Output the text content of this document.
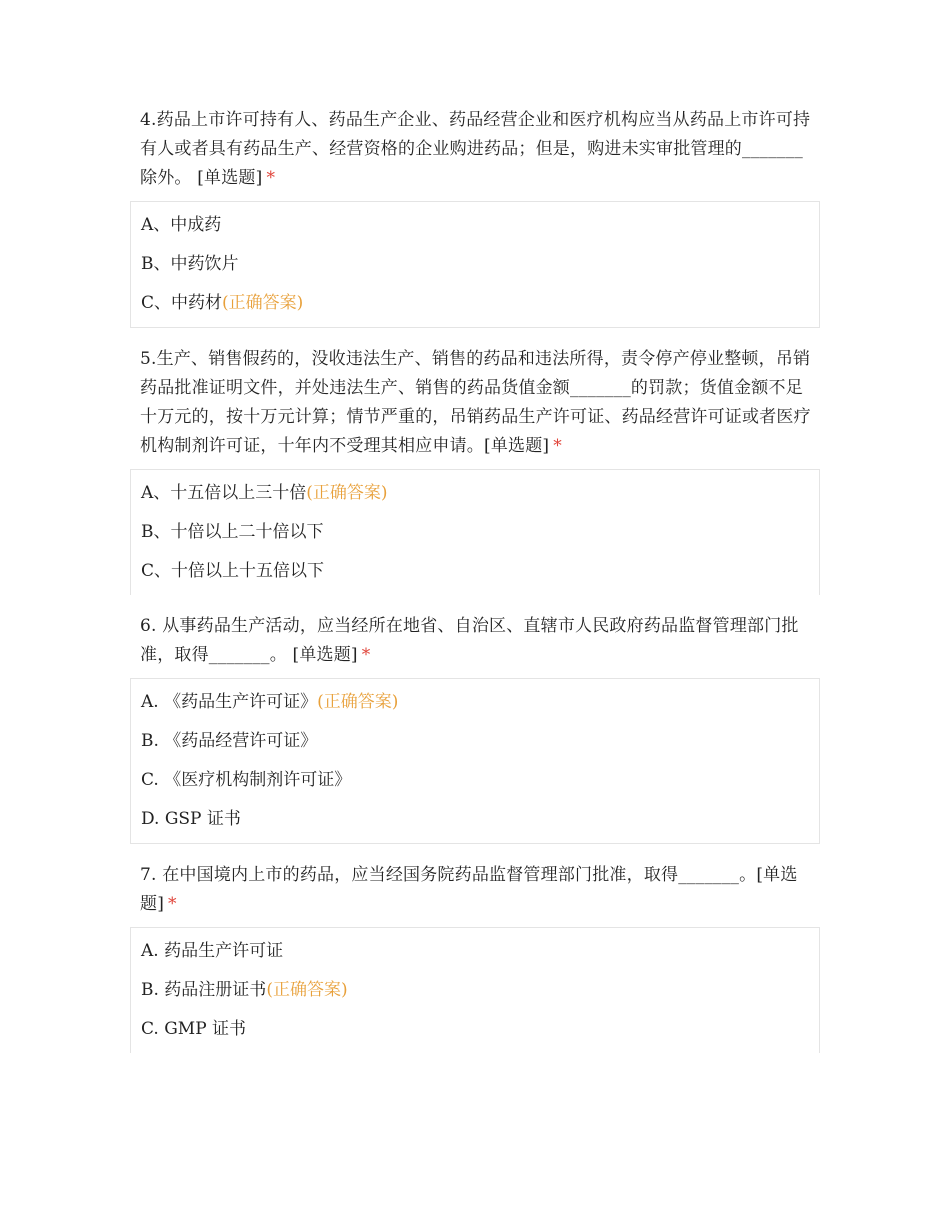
4.药品上市许可持有人、药品生产企业、药品经营企业和医疗机构应当从药品上市许可持有人或者具有药品生产、经营资格的企业购进药品；但是，购进未实审批管理的_______除外。 [单选题] *

A、中成药
B、中药饮片
C、中药材(正确答案)

5.生产、销售假药的，没收违法生产、销售的药品和违法所得，责令停产停业整顿，吊销药品批准证明文件，并处违法生产、销售的药品货值金额_______的罚款；货值金额不足十万元的，按十万元计算；情节严重的，吊销药品生产许可证、药品经营许可证或者医疗机构制剂许可证，十年内不受理其相应申请。[单选题] *

A、十五倍以上三十倍(正确答案)
B、十倍以上二十倍以下
C、十倍以上十五倍以下

6. 从事药品生产活动，应当经所在地省、自治区、直辖市人民政府药品监督管理部门批准，取得_______。 [单选题] *

A. 《药品生产许可证》(正确答案)
B. 《药品经营许可证》
C. 《医疗机构制剂许可证》
D. GSP 证书

7. 在中国境内上市的药品，应当经国务院药品监督管理部门批准，取得_______。[单选题] *

A. 药品生产许可证
B. 药品注册证书(正确答案)
C. GMP 证书
